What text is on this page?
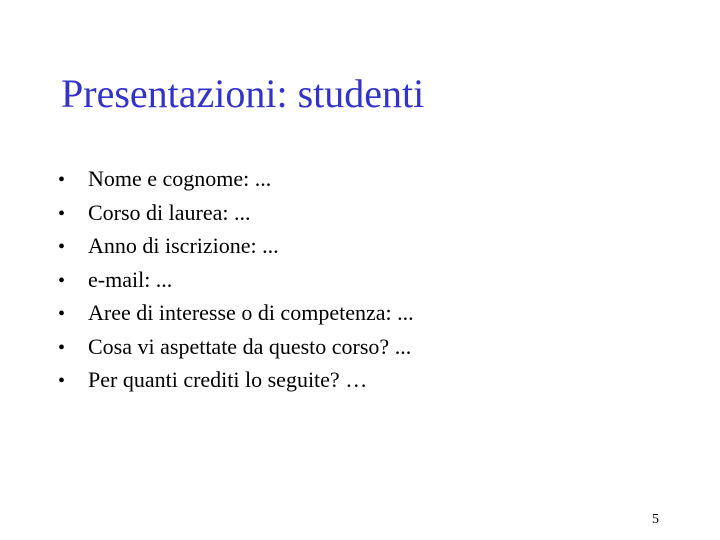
Presentazioni: studenti
•	Nome e cognome: ...
•	Corso di laurea: ...
•	Anno di iscrizione: ...
•	e-mail: ...
•	Aree di interesse o di competenza: ...
•	Cosa vi aspettate da questo corso? ...
•	Per quanti crediti lo seguite? …
5
